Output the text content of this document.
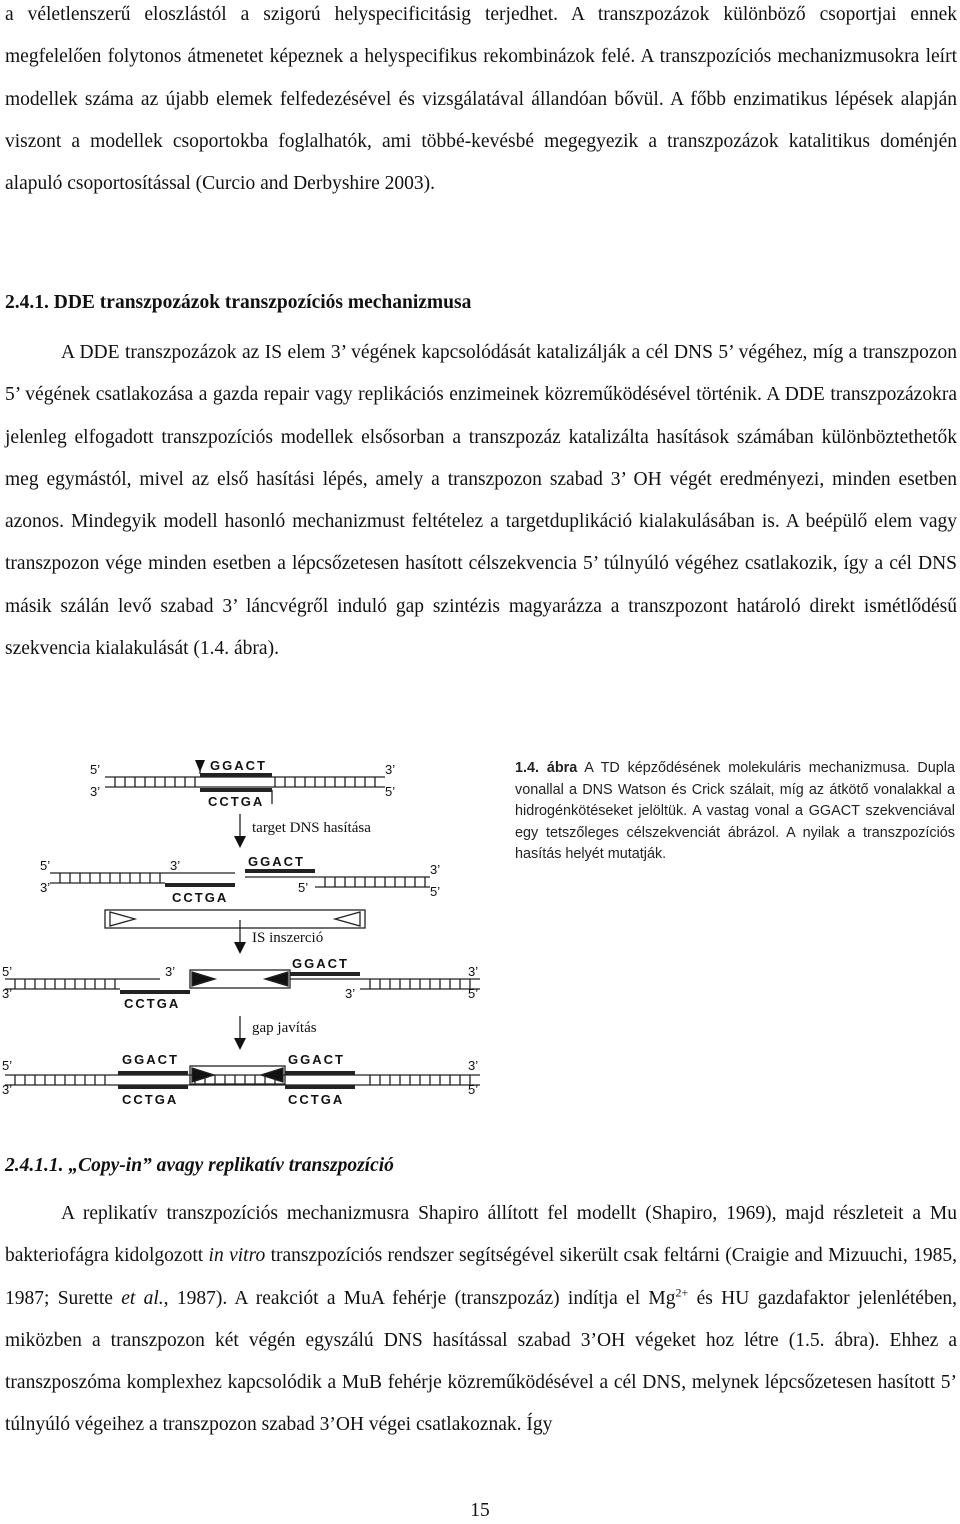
a véletlenszerű eloszlástól a szigorú helyspecificitásig terjedhet. A transzpozázok különböző csoportjai ennek megfelelően folytonos átmenetet képeznek a helyspecifikus rekombinázok felé. A transzpozíciós mechanizmusokra leírt modellek száma az újabb elemek felfedezésével és vizsgálatával állandóan bővül. A főbb enzimatikus lépések alapján viszont a modellek csoportokba foglalhatók, ami többé-kevésbé megegyezik a transzpozázok katalitikus doménjén alapuló csoportosítással (Curcio and Derbyshire 2003).

2.4.1. DDE transzpozázok transzpozíciós mechanizmusa

A DDE transzpozázok az IS elem 3’ végének kapcsolódását katalizálják a cél DNS 5’ végéhez, míg a transzpozon 5’ végének csatlakozása a gazda repair vagy replikációs enzimeinek közreműködésével történik. A DDE transzpozázokra jelenleg elfogadott transzpozíciós modellek elsősorban a transzpozáz katalizálta hasítások számában különböztethetők meg egymástól, mivel az első hasítási lépés, amely a transzpozon szabad 3’ OH végét eredményezi, minden esetben azonos. Mindegyik modell hasonló mechanizmust feltételez a targetduplikáció kialakulásában is. A beépülő elem vagy transzpozon vége minden esetben a lépcsőzetesen hasított célszekvencia 5’ túlnyúló végéhez csatlakozik, így a cél DNS másik szálán levő szabad 3’ láncvégről induló gap szintézis magyarázza a transzpozont határoló direkt ismétlődésű szekvencia kialakulását (1.4. ábra).

5’
3’
3’
5’
GGACT
CCTGA
target DNS hasítása
5’
3’
3’
5’
3’
5’
GGACT
CCTGA
IS inszerció
5’
3’
3’
3’
3’
5’
GGACT
CCTGA
gap javítás
5’
3’
3’
5’
GGACT
CCTGA
GGACT
CCTGA
1.4. ábra A TD képződésének molekuláris mechanizmusa. Dupla vonallal a DNS Watson és Crick szálait, míg az átkötő vonalakkal a hidrogénkötéseket jelöltük. A vastag vonal a GGACT szekvenciával egy tetszőleges célszekvenciát ábrázol. A nyilak a transzpozíciós hasítás helyét mutatják.

2.4.1.1. „Copy-in” avagy replikatív transzpozíció

A replikatív transzpozíciós mechanizmusra Shapiro állított fel modellt (Shapiro, 1969), majd részleteit a Mu bakteriofágra kidolgozott in vitro transzpozíciós rendszer segítségével sikerült csak feltárni (Craigie and Mizuuchi, 1985, 1987; Surette et al., 1987). A reakciót a MuA fehérje (transzpozáz) indítja el $Mg^{2+}$ és HU gazdafaktor jelenlétében, miközben a transzpozon két végén egyszálú DNS hasítással szabad 3’OH végeket hoz létre (1.5. ábra). Ehhez a transzposzóma komplexhez kapcsolódik a MuB fehérje közreműködésével a cél DNS, melynek lépcsőzetesen hasított 5’ túlnyúló végeihez a transzpozon szabad 3’OH végei csatlakoznak. Így

15
